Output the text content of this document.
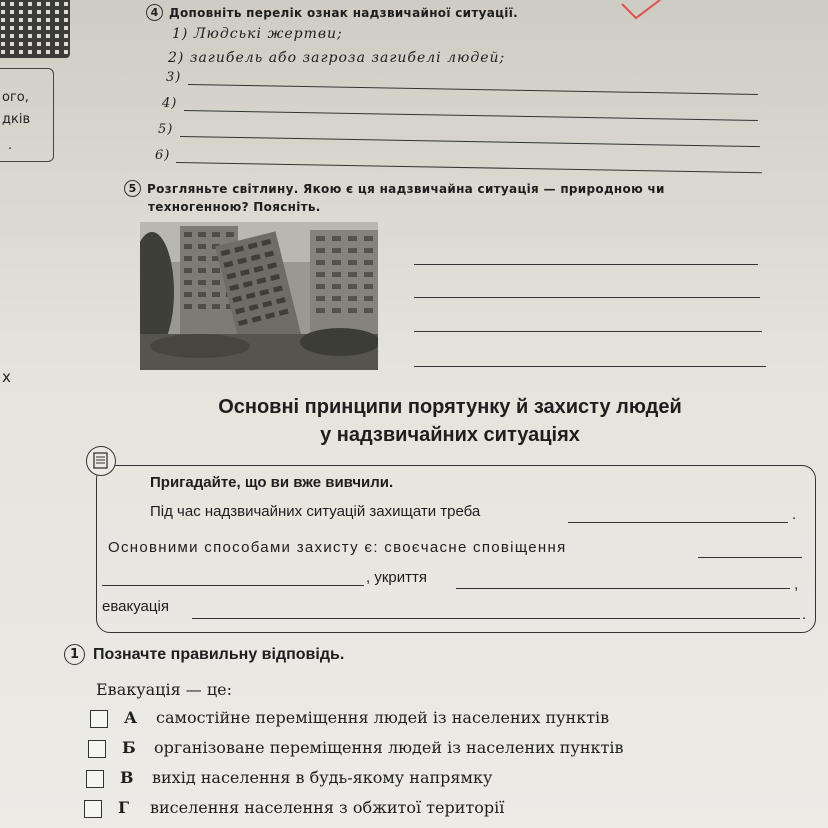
ого,
дків
.
х
4 Доповніть перелік ознак надзвичайної ситуації.
1) Людські жертви;
2) загибель або загроза загибелі людей;
3)
4)
5)
6)
5 Розгляньте світлину. Якою є ця надзвичайна ситуація — природною чи
техногенною? Поясніть.
Основні принципи порятунку й захисту людей
у надзвичайних ситуаціях
Пригадайте, що ви вже вивчили.
Під час надзвичайних ситуацій захищати треба	.
Основними способами захисту є: своєчасне сповіщення
, укриття	,
евакуація	.
1 Позначте правильну відповідь.
Евакуація — це:
А самостійне переміщення людей із населених пунктів
Б організоване переміщення людей із населених пунктів
В вихід населення в будь-якому напрямку
Г виселення населення з обжитої території
